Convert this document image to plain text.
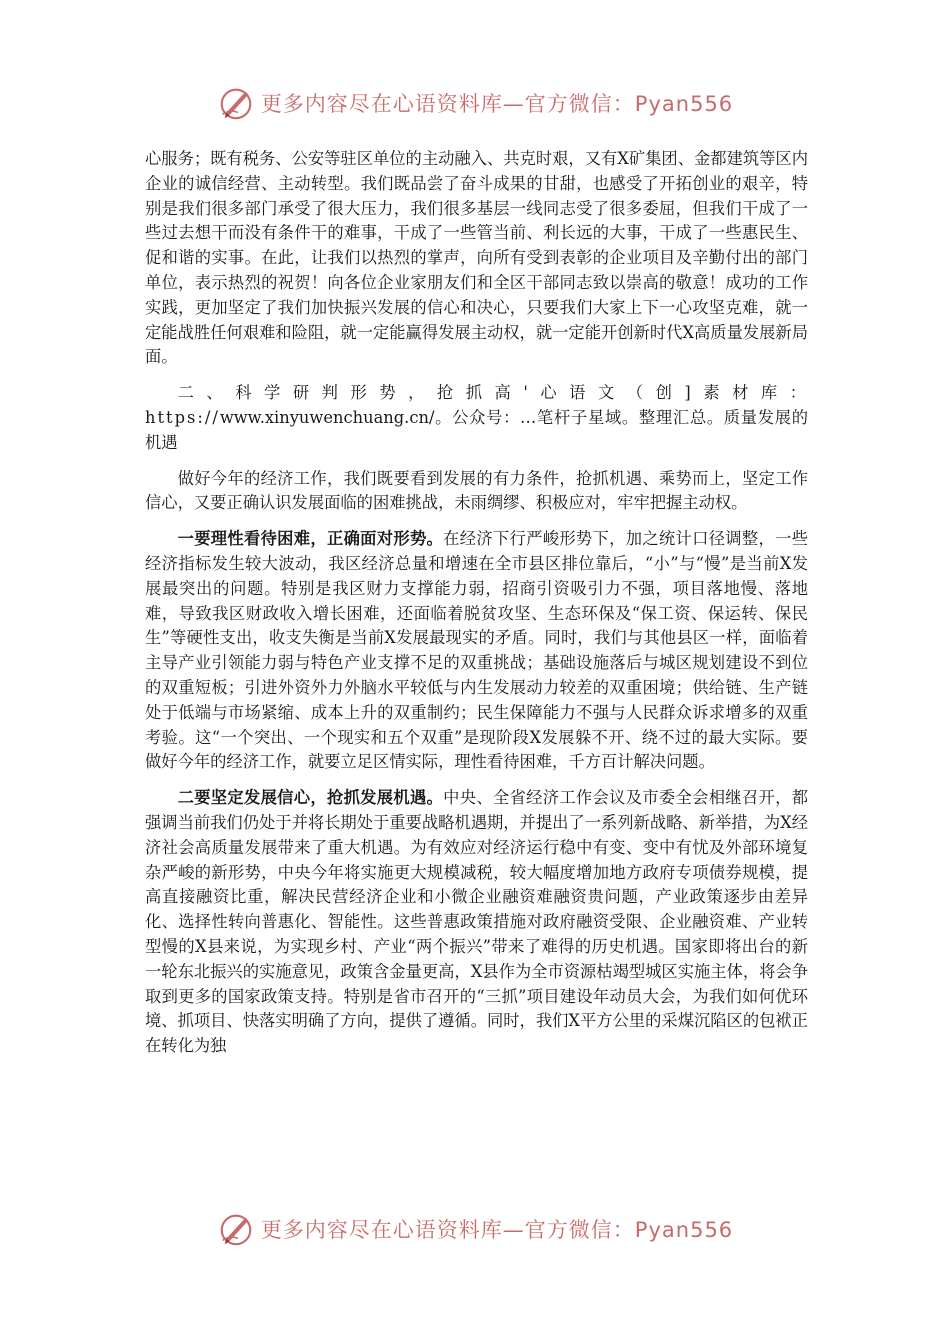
更多内容尽在心语资料库—官方微信：Pyan556

心服务；既有税务、公安等驻区单位的主动融入、共克时艰，又有X矿集团、金都建筑等区内企业的诚信经营、主动转型。我们既品尝了奋斗成果的甘甜，也感受了开拓创业的艰辛，特别是我们很多部门承受了很大压力，我们很多基层一线同志受了很多委屈，但我们干成了一些过去想干而没有条件干的难事，干成了一些管当前、利长远的大事，干成了一些惠民生、促和谐的实事。在此，让我们以热烈的掌声，向所有受到表彰的企业项目及辛勤付出的部门单位，表示热烈的祝贺！向各位企业家朋友们和全区干部同志致以崇高的敬意！成功的工作实践，更加坚定了我们加快振兴发展的信心和决心，只要我们大家上下一心攻坚克难，就一定能战胜任何艰难和险阻，就一定能赢得发展主动权，就一定能开创新时代X高质量发展新局面。

二、科学研判形势，抢抓高'心语文（创]素材库：https://www.xinyuwenchuang.cn/。公众号：…笔杆子星域。整理汇总。质量发展的机遇

做好今年的经济工作，我们既要看到发展的有力条件，抢抓机遇、乘势而上，坚定工作信心，又要正确认识发展面临的困难挑战，未雨绸缪、积极应对，牢牢把握主动权。

一要理性看待困难，正确面对形势。在经济下行严峻形势下，加之统计口径调整，一些经济指标发生较大波动，我区经济总量和增速在全市县区排位靠后，“小”与“慢”是当前X发展最突出的问题。特别是我区财力支撑能力弱，招商引资吸引力不强，项目落地慢、落地难，导致我区财政收入增长困难，还面临着脱贫攻坚、生态环保及“保工资、保运转、保民生”等硬性支出，收支失衡是当前X发展最现实的矛盾。同时，我们与其他县区一样，面临着主导产业引领能力弱与特色产业支撑不足的双重挑战；基础设施落后与城区规划建设不到位的双重短板；引进外资外力外脑水平较低与内生发展动力较差的双重困境；供给链、生产链处于低端与市场紧缩、成本上升的双重制约；民生保障能力不强与人民群众诉求增多的双重考验。这“一个突出、一个现实和五个双重”是现阶段X发展躲不开、绕不过的最大实际。要做好今年的经济工作，就要立足区情实际，理性看待困难，千方百计解决问题。

二要坚定发展信心，抢抓发展机遇。中央、全省经济工作会议及市委全会相继召开，都强调当前我们仍处于并将长期处于重要战略机遇期，并提出了一系列新战略、新举措，为X经济社会高质量发展带来了重大机遇。为有效应对经济运行稳中有变、变中有忧及外部环境复杂严峻的新形势，中央今年将实施更大规模减税，较大幅度增加地方政府专项债券规模，提高直接融资比重，解决民营经济企业和小微企业融资难融资贵问题，产业政策逐步由差异化、选择性转向普惠化、智能性。这些普惠政策措施对政府融资受限、企业融资难、产业转型慢的X县来说，为实现乡村、产业“两个振兴”带来了难得的历史机遇。国家即将出台的新一轮东北振兴的实施意见，政策含金量更高，X县作为全市资源枯竭型城区实施主体，将会争取到更多的国家政策支持。特别是省市召开的“三抓”项目建设年动员大会，为我们如何优环境、抓项目、快落实明确了方向，提供了遵循。同时，我们X平方公里的采煤沉陷区的包袱正在转化为独

更多内容尽在心语资料库—官方微信：Pyan556
